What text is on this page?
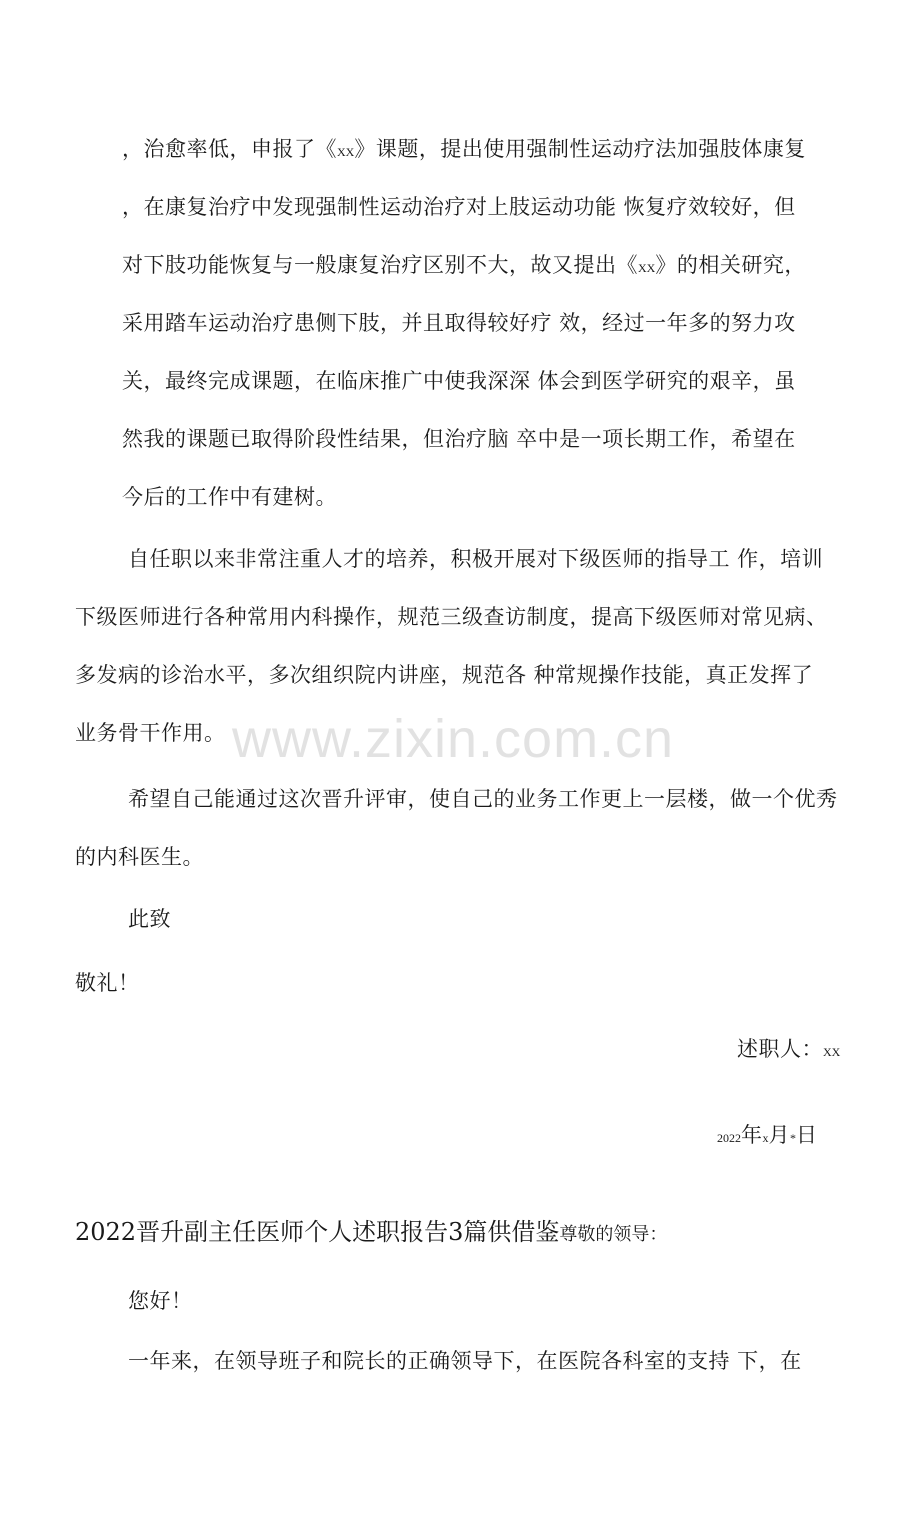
www.zixin.com.cn
，治愈率低，申报了《XX》课题，提出使用强制性运动疗法加强肢体康复
，在康复治疗中发现强制性运动治疗对上肢运动功能 恢复疗效较好，但
对下肢功能恢复与一般康复治疗区别不大，故又提出《XX》的相关研究，
采用踏车运动治疗患侧下肢，并且取得较好疗 效，经过一年多的努力攻
关，最终完成课题，在临床推广中使我深深 体会到医学研究的艰辛，虽
然我的课题已取得阶段性结果，但治疗脑 卒中是一项长期工作，希望在
今后的工作中有建树。
自任职以来非常注重人才的培养，积极开展对下级医师的指导工 作，培训
下级医师进行各种常用内科操作，规范三级查访制度，提高下级医师对常见病、
多发病的诊治水平，多次组织院内讲座，规范各 种常规操作技能，真正发挥了
业务骨干作用。
希望自己能通过这次晋升评审，使自己的业务工作更上一层楼，做一个优秀
的内科医生。
此致
敬礼！
述职人：XX
2022年x月*日
2022晋升副主任医师个人述职报告3篇供借鉴尊敬的领导：
您好！
一年来，在领导班子和院长的正确领导下，在医院各科室的支持 下，在
